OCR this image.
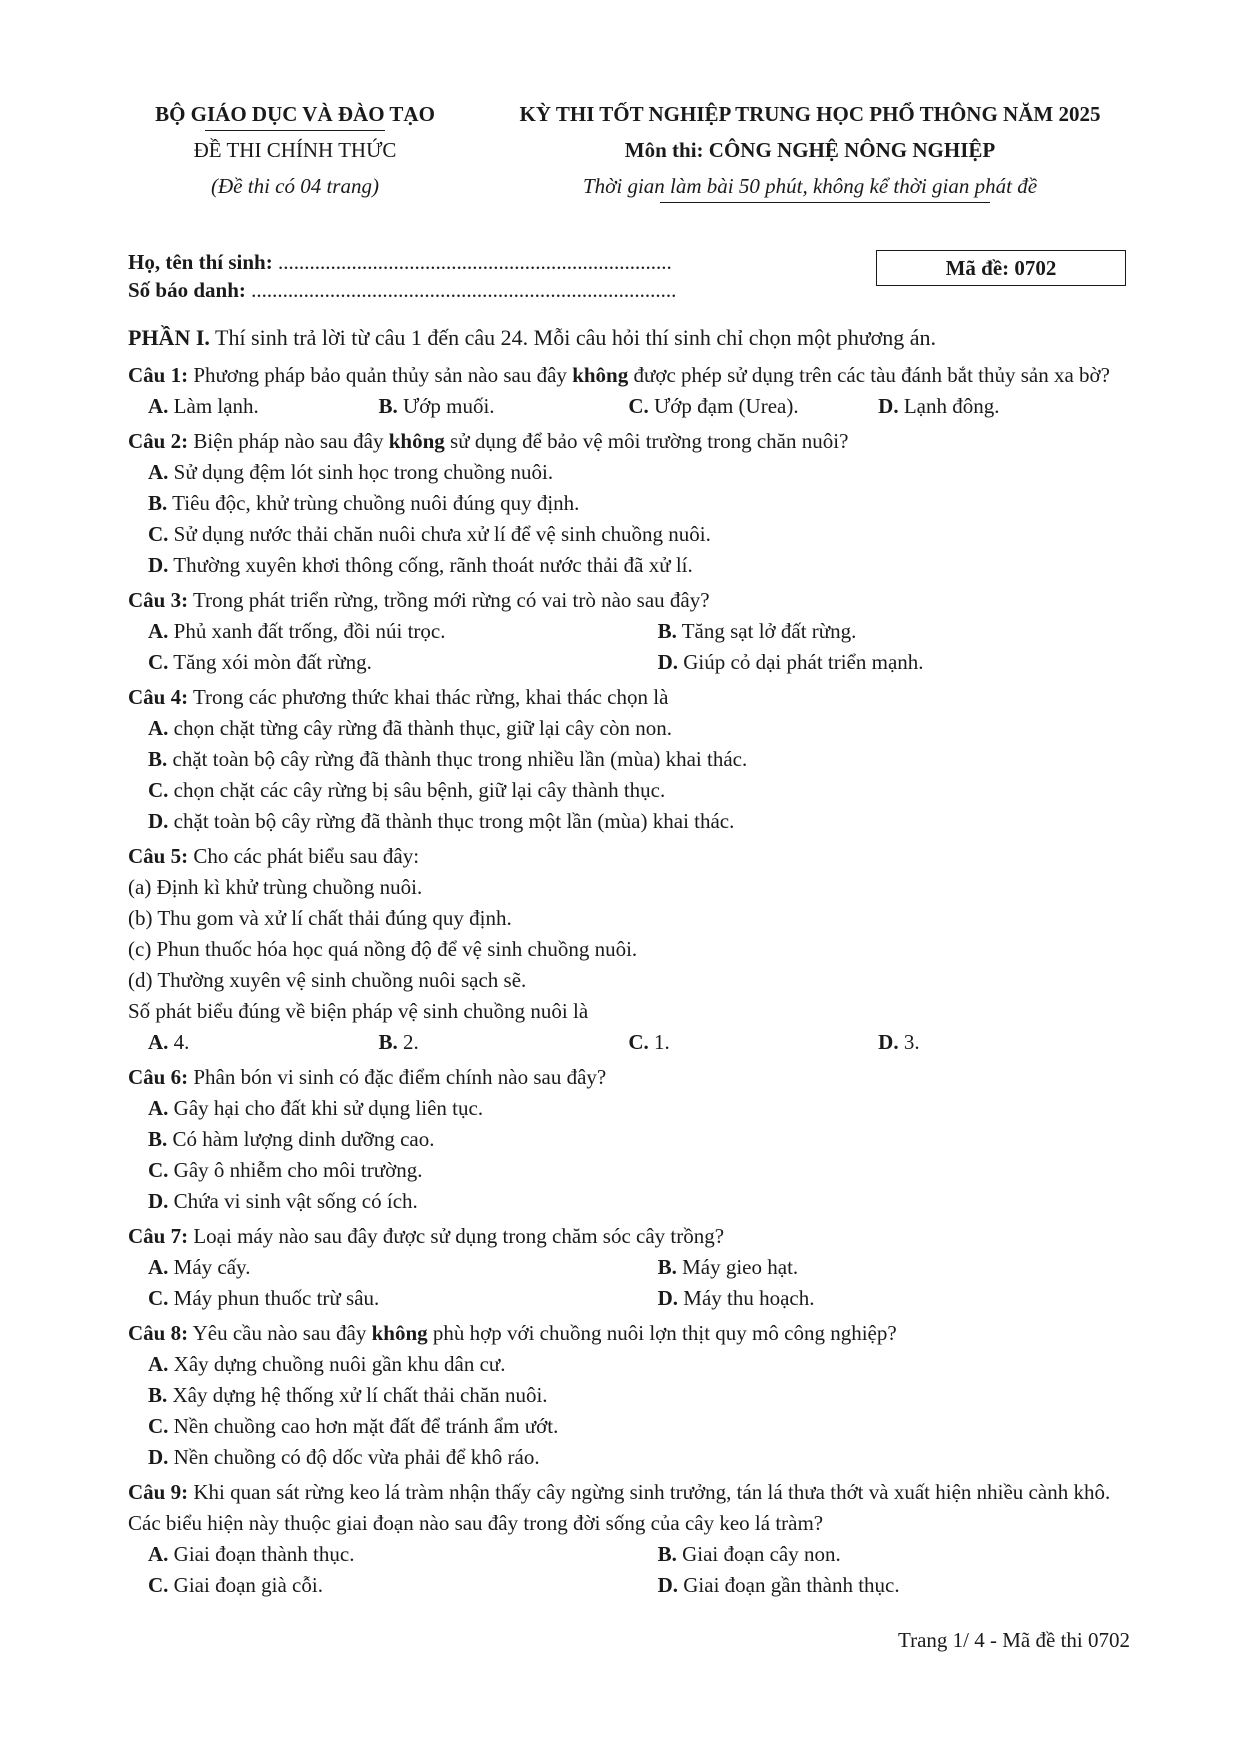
BỘ GIÁO DỤC VÀ ĐÀO TẠO
ĐỀ THI CHÍNH THỨC
(Đề thi có 04 trang)
KỲ THI TỐT NGHIỆP TRUNG HỌC PHỔ THÔNG NĂM 2025
Môn thi: CÔNG NGHỆ NÔNG NGHIỆP
Thời gian làm bài 50 phút, không kể thời gian phát đề
Họ, tên thí sinh: ...........................................................................
Số báo danh: .................................................................................
Mã đề: 0702
PHẦN I. Thí sinh trả lời từ câu 1 đến câu 24. Mỗi câu hỏi thí sinh chỉ chọn một phương án.
Câu 1: Phương pháp bảo quản thủy sản nào sau đây không được phép sử dụng trên các tàu đánh bắt thủy sản xa bờ?
A. Làm lạnh.	B. Ướp muối.	C. Ướp đạm (Urea).	D. Lạnh đông.
Câu 2: Biện pháp nào sau đây không sử dụng để bảo vệ môi trường trong chăn nuôi?
A. Sử dụng đệm lót sinh học trong chuồng nuôi.
B. Tiêu độc, khử trùng chuồng nuôi đúng quy định.
C. Sử dụng nước thải chăn nuôi chưa xử lí để vệ sinh chuồng nuôi.
D. Thường xuyên khơi thông cống, rãnh thoát nước thải đã xử lí.
Câu 3: Trong phát triển rừng, trồng mới rừng có vai trò nào sau đây?
A. Phủ xanh đất trống, đồi núi trọc.	B. Tăng sạt lở đất rừng.
C. Tăng xói mòn đất rừng.	D. Giúp cỏ dại phát triển mạnh.
Câu 4: Trong các phương thức khai thác rừng, khai thác chọn là
A. chọn chặt từng cây rừng đã thành thục, giữ lại cây còn non.
B. chặt toàn bộ cây rừng đã thành thục trong nhiều lần (mùa) khai thác.
C. chọn chặt các cây rừng bị sâu bệnh, giữ lại cây thành thục.
D. chặt toàn bộ cây rừng đã thành thục trong một lần (mùa) khai thác.
Câu 5: Cho các phát biểu sau đây:
(a) Định kì khử trùng chuồng nuôi.
(b) Thu gom và xử lí chất thải đúng quy định.
(c) Phun thuốc hóa học quá nồng độ để vệ sinh chuồng nuôi.
(d) Thường xuyên vệ sinh chuồng nuôi sạch sẽ.
Số phát biểu đúng về biện pháp vệ sinh chuồng nuôi là
A. 4.	B. 2.	C. 1.	D. 3.
Câu 6: Phân bón vi sinh có đặc điểm chính nào sau đây?
A. Gây hại cho đất khi sử dụng liên tục.
B. Có hàm lượng dinh dưỡng cao.
C. Gây ô nhiễm cho môi trường.
D. Chứa vi sinh vật sống có ích.
Câu 7: Loại máy nào sau đây được sử dụng trong chăm sóc cây trồng?
A. Máy cấy.	B. Máy gieo hạt.
C. Máy phun thuốc trừ sâu.	D. Máy thu hoạch.
Câu 8: Yêu cầu nào sau đây không phù hợp với chuồng nuôi lợn thịt quy mô công nghiệp?
A. Xây dựng chuồng nuôi gần khu dân cư.
B. Xây dựng hệ thống xử lí chất thải chăn nuôi.
C. Nền chuồng cao hơn mặt đất để tránh ẩm ướt.
D. Nền chuồng có độ dốc vừa phải để khô ráo.
Câu 9: Khi quan sát rừng keo lá tràm nhận thấy cây ngừng sinh trưởng, tán lá thưa thớt và xuất hiện nhiều cành khô. Các biểu hiện này thuộc giai đoạn nào sau đây trong đời sống của cây keo lá tràm?
A. Giai đoạn thành thục.	B. Giai đoạn cây non.
C. Giai đoạn già cỗi.	D. Giai đoạn gần thành thục.
Trang 1/ 4 - Mã đề thi 0702
